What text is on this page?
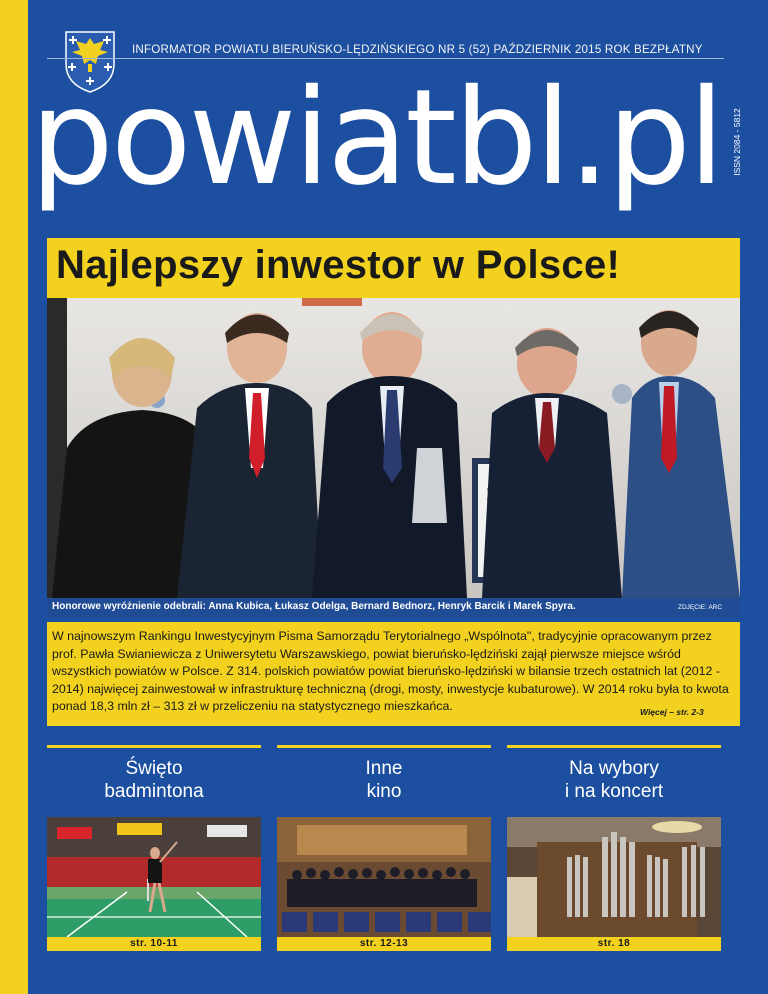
INFORMATOR POWIATU BIERUŃSKO-LĘDZIŃSKIEGO NR 5 (52) PAŹDZIERNIK 2015 ROK BEZPŁATNY
powiatbl.pl	ISSN 2084 - 5812
Najlepszy inwestor w Polsce!
Honorowe wyróżnienie odebrali: Anna Kubica, Łukasz Odelga, Bernard Bednorz, Henryk Barcik i Marek Spyra.	ZDJĘCIE: ARC
W najnowszym Rankingu Inwestycyjnym Pisma Samorządu Terytorialnego „Wspólnota", tradycyjnie opracowanym przez prof. Pawła Swianiewicza z Uniwersytetu Warszawskiego, powiat bieruńsko-lędziński zajął pierwsze miejsce wśród wszystkich powiatów w Polsce. Z 314. polskich powiatów powiat bieruńsko-lędziński w bilansie trzech ostatnich lat (2012 - 2014) najwięcej zainwestował w infrastrukturę techniczną (drogi, mosty, inwestycje kubaturowe). W 2014 roku była to kwota ponad 18,3 mln zł – 313 zł w przeliczeniu na statystycznego mieszkańca.	Więcej – str. 2-3
Święto
badmintona
str. 10-11
Inne
kino
str. 12-13
Na wybory
i na koncert
str. 18
